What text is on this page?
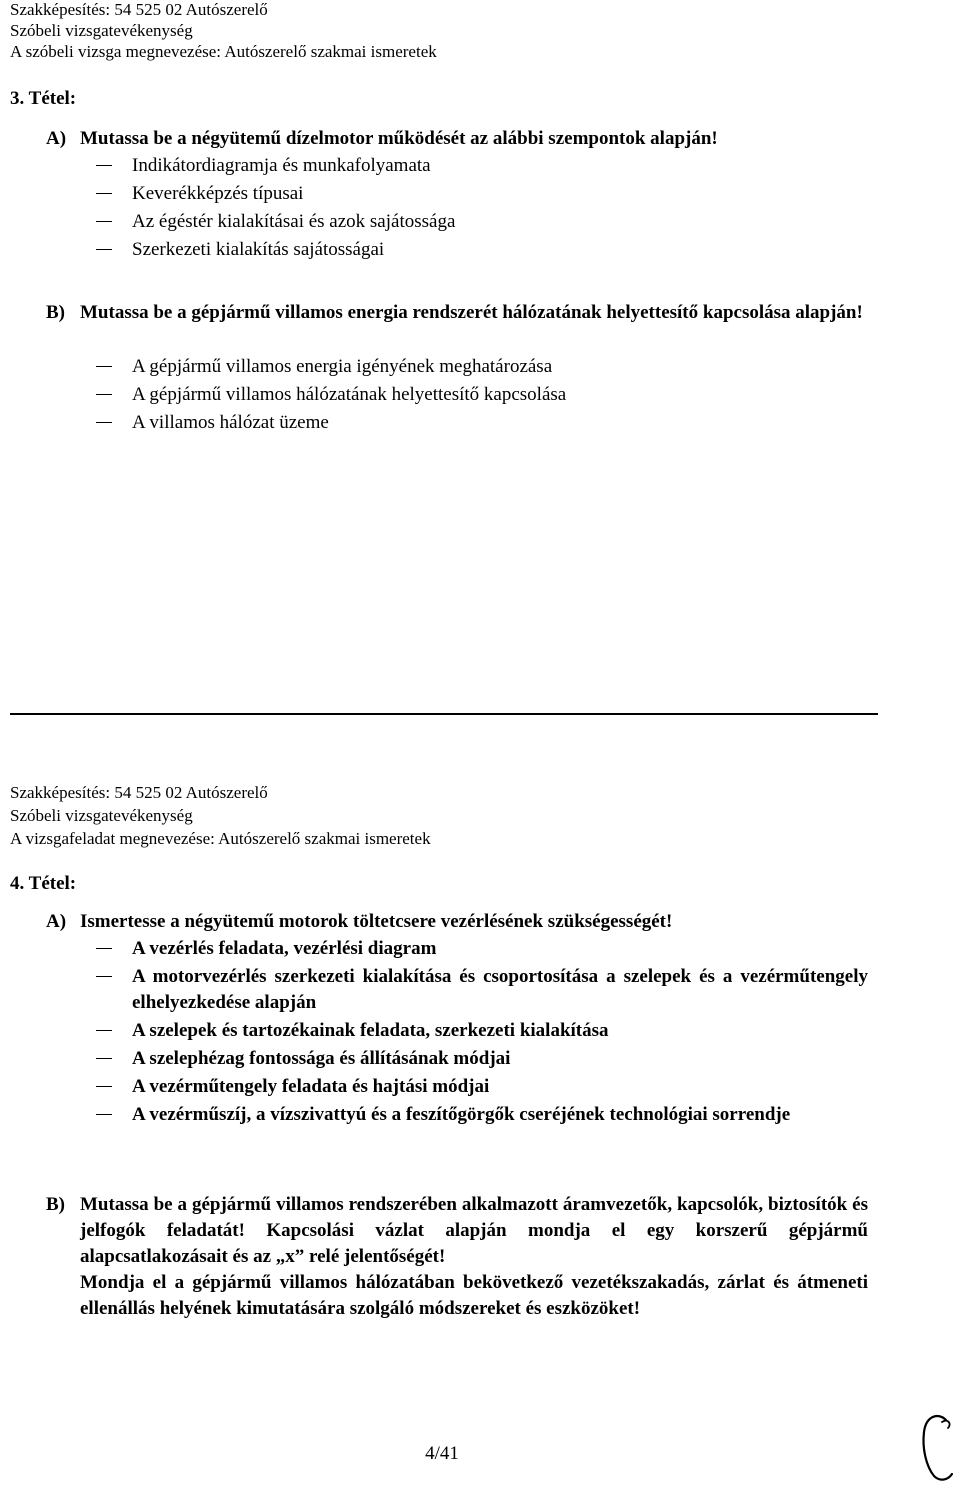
Szakképesítés: 54 525 02 Autószerelő
Szóbeli vizsgatevékenység
A szóbeli vizsga megnevezése: Autószerelő szakmai ismeretek
3. Tétel:
A) Mutassa be a négyütemű dízelmotor működését az alábbi szempontok alapján!
Indikátordiagramja és munkafolyamata
Keverékképzés típusai
Az égéstér kialakításai és azok sajátossága
Szerkezeti kialakítás sajátosságai
B) Mutassa be a gépjármű villamos energia rendszerét hálózatának helyettesítő kapcsolása alapján!
A gépjármű villamos energia igényének meghatározása
A gépjármű villamos hálózatának helyettesítő kapcsolása
A villamos hálózat üzeme
Szakképesítés: 54 525 02 Autószerelő
Szóbeli vizsgatevékenység
A vizsgafeladat megnevezése: Autószerelő szakmai ismeretek
4. Tétel:
A) Ismertesse a négyütemű motorok töltetcsere vezérlésének szükségességét!
A vezérlés feladata, vezérlési diagram
A motorvezérlés szerkezeti kialakítása és csoportosítása a szelepek és a vezérműtengely elhelyezkedése alapján
A szelepek és tartozékainak feladata, szerkezeti kialakítása
A szelephézag fontossága és állításának módjai
A vezérműtengely feladata és hajtási módjai
A vezérműszíj, a vízszivattyú és a feszítőgörgők cseréjének technológiai sorrendje
B) Mutassa be a gépjármű villamos rendszerében alkalmazott áramvezetők, kapcsolók, biztosítók és jelfogók feladatát! Kapcsolási vázlat alapján mondja el egy korszerű gépjármű alapcsatlakozásait és az „x” relé jelentőségét!
Mondja el a gépjármű villamos hálózatában bekövetkező vezetékszakadás, zárlat és átmeneti ellenállás helyének kimutatására szolgáló módszereket és eszközöket!
4/41
